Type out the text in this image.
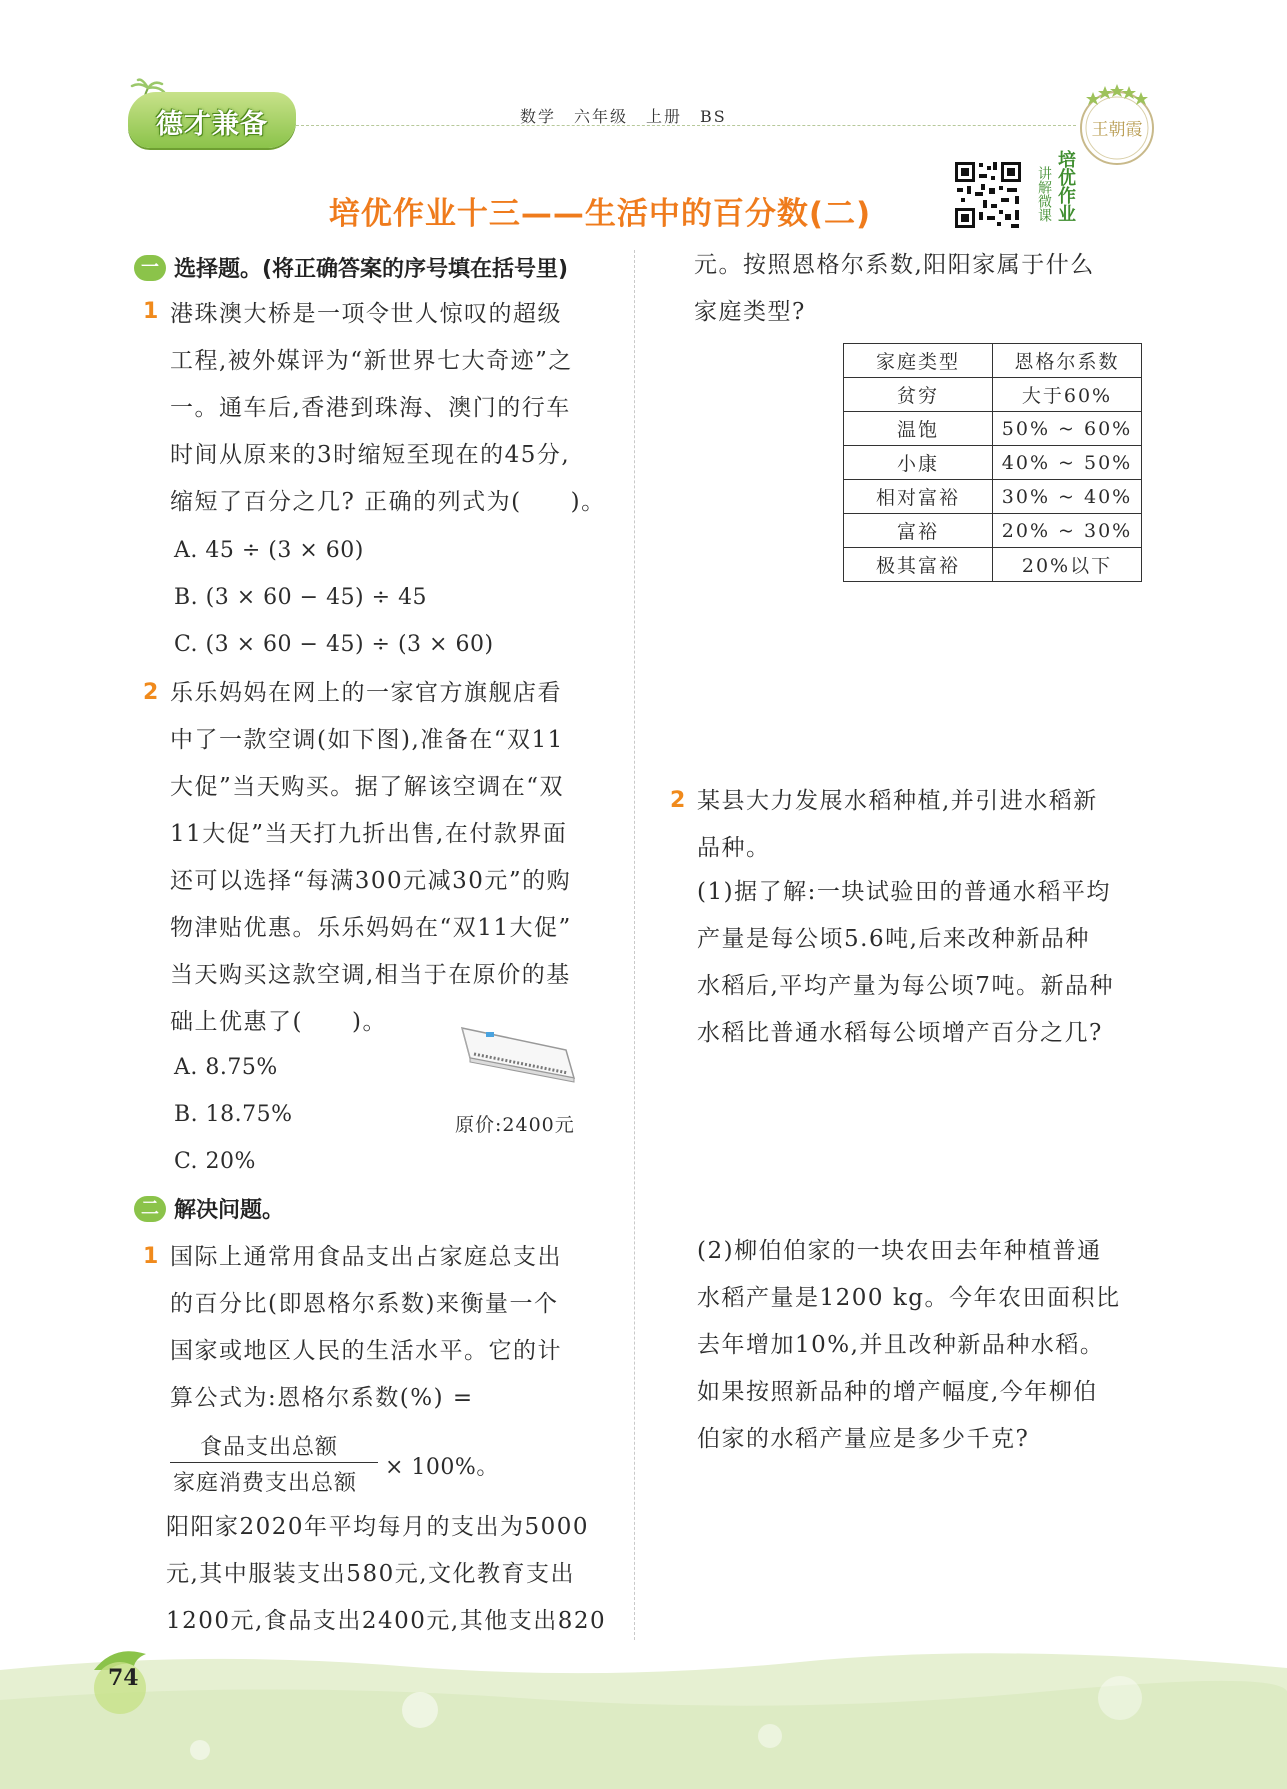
德才兼备	数学　六年级　上册　BS
王朝霞
培优作业十三——生活中的百分数(二)	培优作业
讲解微课
一 选择题。(将正确答案的序号填在括号里)
1 港珠澳大桥是一项令世人惊叹的超级
工程,被外媒评为“新世界七大奇迹”之
一。通车后,香港到珠海、澳门的行车
时间从原来的3时缩短至现在的45分,
缩短了百分之几? 正确的列式为(　　)。
A. 45 ÷ (3 × 60)
B. (3 × 60 − 45) ÷ 45
C. (3 × 60 − 45) ÷ (3 × 60)
2 乐乐妈妈在网上的一家官方旗舰店看
中了一款空调(如下图),准备在“双11
大促”当天购买。据了解该空调在“双
11大促”当天打九折出售,在付款界面
还可以选择“每满300元减30元”的购
物津贴优惠。乐乐妈妈在“双11大促”
当天购买这款空调,相当于在原价的基
础上优惠了(　　)。
A. 8.75%
B. 18.75%
C. 20%
原价:2400元
二 解决问题。
1 国际上通常用食品支出占家庭总支出
的百分比(即恩格尔系数)来衡量一个
国家或地区人民的生活水平。它的计
算公式为:恩格尔系数(%) =
食品支出总额
家庭消费支出总额
× 100%。
阳阳家2020年平均每月的支出为5000
元,其中服装支出580元,文化教育支出
1200元,食品支出2400元,其他支出820
元。按照恩格尔系数,阳阳家属于什么
家庭类型?
家庭类型	恩格尔系数
贫穷	大于60%
温饱	50% ~ 60%
小康	40% ~ 50%
相对富裕	30% ~ 40%
富裕	20% ~ 30%
极其富裕	20%以下
2 某县大力发展水稻种植,并引进水稻新
品种。
(1)据了解:一块试验田的普通水稻平均
产量是每公顷5.6吨,后来改种新品种
水稻后,平均产量为每公顷7吨。新品种
水稻比普通水稻每公顷增产百分之几?
(2)柳伯伯家的一块农田去年种植普通
水稻产量是1200 kg。今年农田面积比
去年增加10%,并且改种新品种水稻。
如果按照新品种的增产幅度,今年柳伯
伯家的水稻产量应是多少千克?
74
